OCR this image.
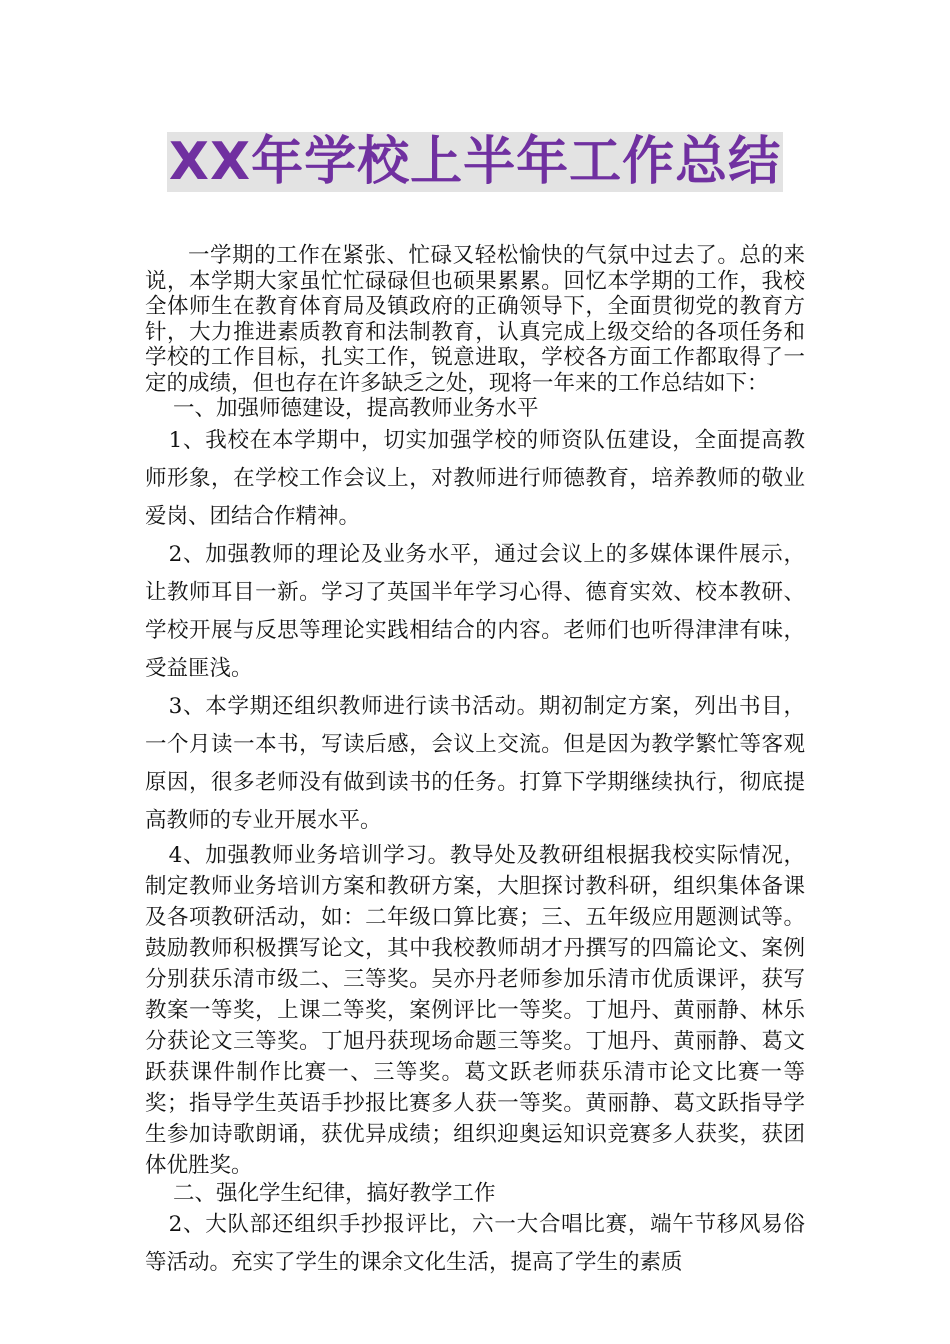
XX年学校上半年工作总结

一学期的工作在紧张、忙碌又轻松愉快的气氛中过去了。总的来说，本学期大家虽忙忙碌碌但也硕果累累。回忆本学期的工作，我校全体师生在教育体育局及镇政府的正确领导下，全面贯彻党的教育方针，大力推进素质教育和法制教育，认真完成上级交给的各项任务和学校的工作目标，扎实工作，锐意进取，学校各方面工作都取得了一定的成绩，但也存在许多缺乏之处，现将一年来的工作总结如下：

一、加强师德建设，提高教师业务水平

1、我校在本学期中，切实加强学校的师资队伍建设，全面提高教师形象，在学校工作会议上，对教师进行师德教育，培养教师的敬业爱岗、团结合作精神。

2、加强教师的理论及业务水平，通过会议上的多媒体课件展示，让教师耳目一新。学习了英国半年学习心得、德育实效、校本教研、学校开展与反思等理论实践相结合的内容。老师们也听得津津有味，受益匪浅。

3、本学期还组织教师进行读书活动。期初制定方案，列出书目，一个月读一本书，写读后感，会议上交流。但是因为教学繁忙等客观原因，很多老师没有做到读书的任务。打算下学期继续执行，彻底提高教师的专业开展水平。

4、加强教师业务培训学习。教导处及教研组根据我校实际情况，制定教师业务培训方案和教研方案，大胆探讨教科研，组织集体备课及各项教研活动，如：二年级口算比赛；三、五年级应用题测试等。鼓励教师积极撰写论文，其中我校教师胡才丹撰写的四篇论文、案例分别获乐清市级二、三等奖。吴亦丹老师参加乐清市优质课评，获写教案一等奖，上课二等奖，案例评比一等奖。丁旭丹、黄丽静、林乐分获论文三等奖。丁旭丹获现场命题三等奖。丁旭丹、黄丽静、葛文跃获课件制作比赛一、三等奖。葛文跃老师获乐清市论文比赛一等奖；指导学生英语手抄报比赛多人获一等奖。黄丽静、葛文跃指导学生参加诗歌朗诵，获优异成绩；组织迎奥运知识竞赛多人获奖，获团体优胜奖。

二、强化学生纪律，搞好教学工作

2、大队部还组织手抄报评比，六一大合唱比赛，端午节移风易俗等活动。充实了学生的课余文化生活，提高了学生的素质
